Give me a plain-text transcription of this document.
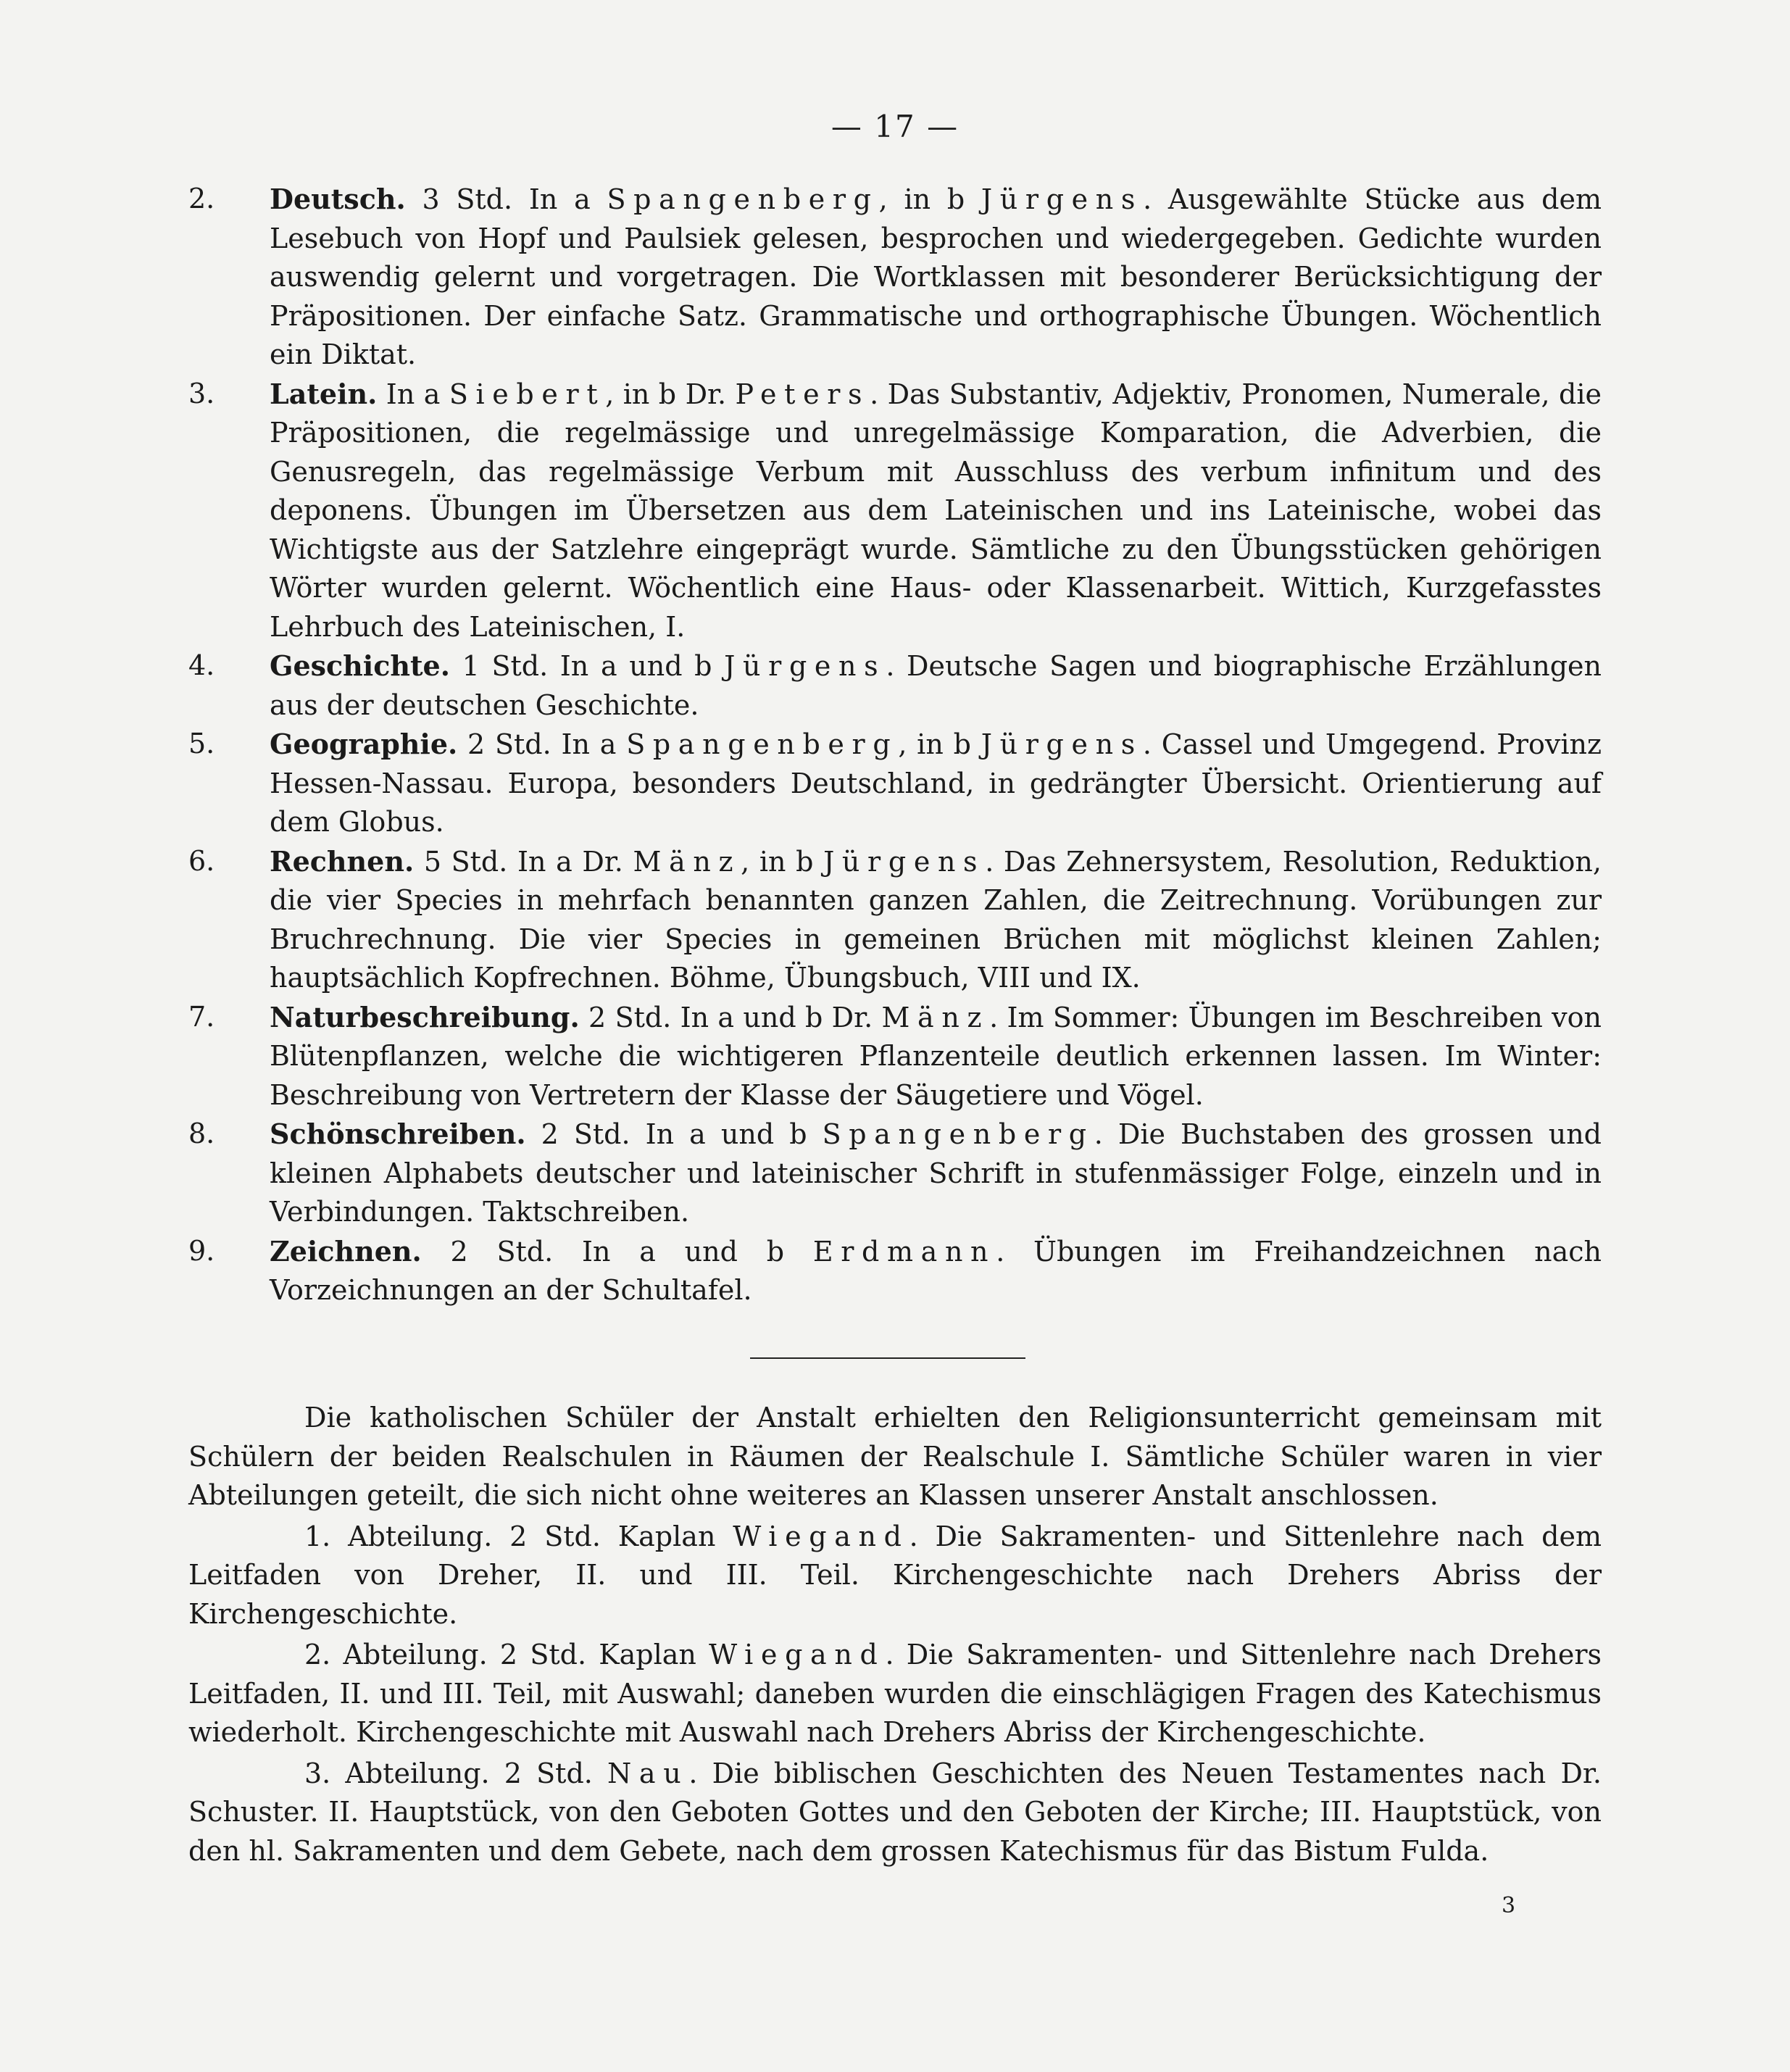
— 17 —
2. Deutsch. 3 Std. In a Spangenberg, in b Jürgens. Ausgewählte Stücke aus dem Lesebuch von Hopf und Paulsiek gelesen, besprochen und wiedergegeben. Gedichte wurden auswendig gelernt und vorgetragen. Die Wortklassen mit besonderer Berücksichtigung der Präpositionen. Der einfache Satz. Grammatische und orthographische Übungen. Wöchentlich ein Diktat.

3. Latein. In a Siebert, in b Dr. Peters. Das Substantiv, Adjektiv, Pronomen, Numerale, die Präpositionen, die regelmässige und unregelmässige Komparation, die Adverbien, die Genusregeln, das regelmässige Verbum mit Ausschluss des verbum infinitum und des deponens. Übungen im Übersetzen aus dem Lateinischen und ins Lateinische, wobei das Wichtigste aus der Satzlehre eingeprägt wurde. Sämtliche zu den Übungsstücken gehörigen Wörter wurden gelernt. Wöchentlich eine Haus- oder Klassenarbeit. Wittich, Kurzgefasstes Lehrbuch des Lateinischen, I.

4. Geschichte. 1 Std. In a und b Jürgens. Deutsche Sagen und biographische Erzählungen aus der deutschen Geschichte.

5. Geographie. 2 Std. In a Spangenberg, in b Jürgens. Cassel und Umgegend. Provinz Hessen-Nassau. Europa, besonders Deutschland, in gedrängter Übersicht. Orientierung auf dem Globus.

6. Rechnen. 5 Std. In a Dr. Mänz, in b Jürgens. Das Zehnersystem, Resolution, Reduktion, die vier Species in mehrfach benannten ganzen Zahlen, die Zeitrechnung. Vorübungen zur Bruchrechnung. Die vier Species in gemeinen Brüchen mit möglichst kleinen Zahlen; hauptsächlich Kopfrechnen. Böhme, Übungsbuch, VIII und IX.

7. Naturbeschreibung. 2 Std. In a und b Dr. Mänz. Im Sommer: Übungen im Beschreiben von Blütenpflanzen, welche die wichtigeren Pflanzenteile deutlich erkennen lassen. Im Winter: Beschreibung von Vertretern der Klasse der Säugetiere und Vögel.

8. Schönschreiben. 2 Std. In a und b Spangenberg. Die Buchstaben des grossen und kleinen Alphabets deutscher und lateinischer Schrift in stufenmässiger Folge, einzeln und in Verbindungen. Taktschreiben.

9. Zeichnen. 2 Std. In a und b Erdmann. Übungen im Freihandzeichnen nach Vorzeichnungen an der Schultafel.

Die katholischen Schüler der Anstalt erhielten den Religionsunterricht gemeinsam mit Schülern der beiden Realschulen in Räumen der Realschule I. Sämtliche Schüler waren in vier Abteilungen geteilt, die sich nicht ohne weiteres an Klassen unserer Anstalt anschlossen.

1. Abteilung. 2 Std. Kaplan Wiegand. Die Sakramenten- und Sittenlehre nach dem Leitfaden von Dreher, II. und III. Teil. Kirchengeschichte nach Drehers Abriss der Kirchengeschichte.

2. Abteilung. 2 Std. Kaplan Wiegand. Die Sakramenten- und Sittenlehre nach Drehers Leitfaden, II. und III. Teil, mit Auswahl; daneben wurden die einschlägigen Fragen des Katechismus wiederholt. Kirchengeschichte mit Auswahl nach Drehers Abriss der Kirchengeschichte.

3. Abteilung. 2 Std. Nau. Die biblischen Geschichten des Neuen Testamentes nach Dr. Schuster. II. Hauptstück, von den Geboten Gottes und den Geboten der Kirche; III. Hauptstück, von den hl. Sakramenten und dem Gebete, nach dem grossen Katechismus für das Bistum Fulda.

3
